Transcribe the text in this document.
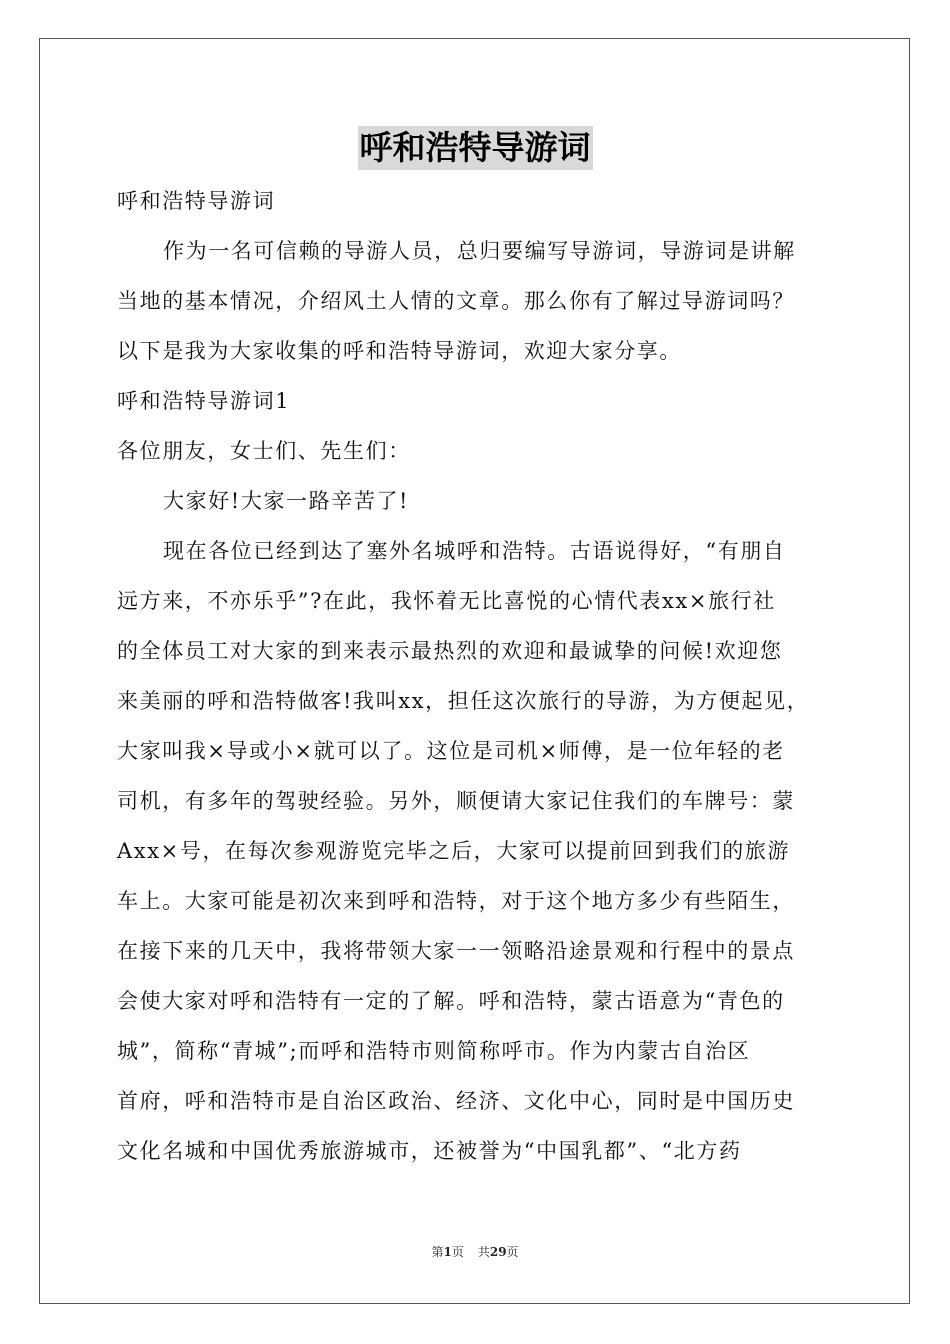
呼和浩特导游词
呼和浩特导游词
作为一名可信赖的导游人员，总归要编写导游词，导游词是讲解
当地的基本情况，介绍风土人情的文章。那么你有了解过导游词吗？
以下是我为大家收集的呼和浩特导游词，欢迎大家分享。
呼和浩特导游词1
各位朋友，女士们、先生们：
大家好!大家一路辛苦了!
现在各位已经到达了塞外名城呼和浩特。古语说得好，“有朋自
远方来，不亦乐乎”?在此，我怀着无比喜悦的心情代表xx×旅行社
的全体员工对大家的到来表示最热烈的欢迎和最诚挚的问候!欢迎您
来美丽的呼和浩特做客!我叫xx，担任这次旅行的导游，为方便起见，
大家叫我×导或小×就可以了。这位是司机×师傅，是一位年轻的老
司机，有多年的驾驶经验。另外，顺便请大家记住我们的车牌号：蒙
Axx×号，在每次参观游览完毕之后，大家可以提前回到我们的旅游
车上。大家可能是初次来到呼和浩特，对于这个地方多少有些陌生，
在接下来的几天中，我将带领大家一一领略沿途景观和行程中的景点
会使大家对呼和浩特有一定的了解。呼和浩特，蒙古语意为“青色的
城”，简称“青城”;而呼和浩特市则简称呼市。作为内蒙古自治区
首府，呼和浩特市是自治区政治、经济、文化中心，同时是中国历史
文化名城和中国优秀旅游城市，还被誉为“中国乳都”、“北方药
第1页 共29页
